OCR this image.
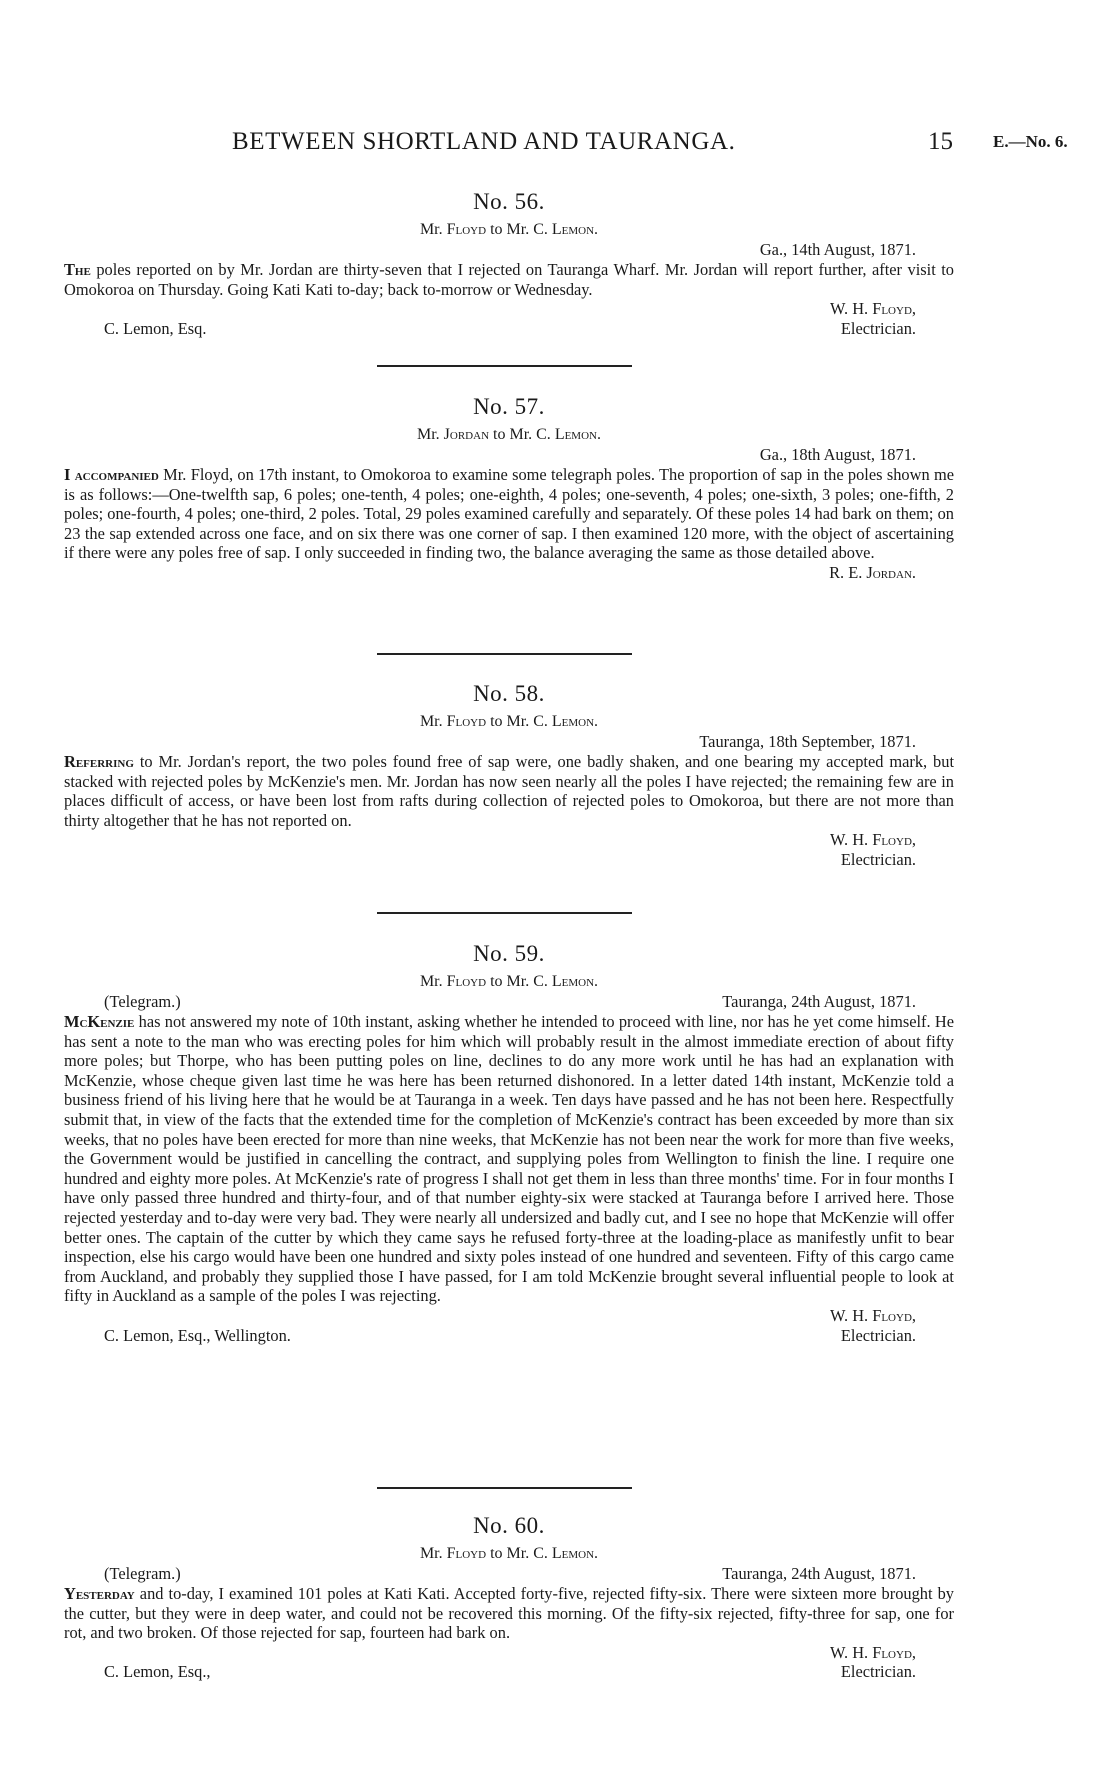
BETWEEN SHORTLAND AND TAURANGA.	15 E.—No. 6.
No. 56.
Mr. Floyd to Mr. C. Lemon.
Ga., 14th August, 1871.

The poles reported on by Mr. Jordan are thirty-seven that I rejected on Tauranga Wharf. Mr. Jordan will report further, after visit to Omokoroa on Thursday. Going Kati Kati to-day; back to-morrow or Wednesday.

W. H. Floyd,
Electrician.
C. Lemon, Esq.
No. 57.
Mr. Jordan to Mr. C. Lemon.
Ga., 18th August, 1871.

I accompanied Mr. Floyd, on 17th instant, to Omokoroa to examine some telegraph poles. The proportion of sap in the poles shown me is as follows:—One-twelfth sap, 6 poles; one-tenth, 4 poles; one-eighth, 4 poles; one-seventh, 4 poles; one-sixth, 3 poles; one-fifth, 2 poles; one-fourth, 4 poles; one-third, 2 poles. Total, 29 poles examined carefully and separately. Of these poles 14 had bark on them; on 23 the sap extended across one face, and on six there was one corner of sap. I then examined 120 more, with the object of ascertaining if there were any poles free of sap. I only succeeded in finding two, the balance averaging the same as those detailed above.

R. E. Jordan.
No. 58.
Mr. Floyd to Mr. C. Lemon.
Tauranga, 18th September, 1871.

Referring to Mr. Jordan's report, the two poles found free of sap were, one badly shaken, and one bearing my accepted mark, but stacked with rejected poles by McKenzie's men. Mr. Jordan has now seen nearly all the poles I have rejected; the remaining few are in places difficult of access, or have been lost from rafts during collection of rejected poles to Omokoroa, but there are not more than thirty altogether that he has not reported on.

W. H. Floyd,
Electrician.
No. 59.
Mr. Floyd to Mr. C. Lemon.
(Telegram.)	Tauranga, 24th August, 1871.

McKenzie has not answered my note of 10th instant, asking whether he intended to proceed with line, nor has he yet come himself. He has sent a note to the man who was erecting poles for him which will probably result in the almost immediate erection of about fifty more poles; but Thorpe, who has been putting poles on line, declines to do any more work until he has had an explanation with McKenzie, whose cheque given last time he was here has been returned dishonored. In a letter dated 14th instant, McKenzie told a business friend of his living here that he would be at Tauranga in a week. Ten days have passed and he has not been here. Respectfully submit that, in view of the facts that the extended time for the completion of McKenzie's contract has been exceeded by more than six weeks, that no poles have been erected for more than nine weeks, that McKenzie has not been near the work for more than five weeks, the Government would be justified in cancelling the contract, and supplying poles from Wellington to finish the line. I require one hundred and eighty more poles. At McKenzie's rate of progress I shall not get them in less than three months' time. For in four months I have only passed three hundred and thirty-four, and of that number eighty-six were stacked at Tauranga before I arrived here. Those rejected yesterday and to-day were very bad. They were nearly all undersized and badly cut, and I see no hope that McKenzie will offer better ones. The captain of the cutter by which they came says he refused forty-three at the loading-place as manifestly unfit to bear inspection, else his cargo would have been one hundred and sixty poles instead of one hundred and seventeen. Fifty of this cargo came from Auckland, and probably they supplied those I have passed, for I am told McKenzie brought several influential people to look at fifty in Auckland as a sample of the poles I was rejecting.

W. H. Floyd,
Electrician.
C. Lemon, Esq., Wellington.
No. 60.
Mr. Floyd to Mr. C. Lemon.
(Telegram.)	Tauranga, 24th August, 1871.

Yesterday and to-day, I examined 101 poles at Kati Kati. Accepted forty-five, rejected fifty-six. There were sixteen more brought by the cutter, but they were in deep water, and could not be recovered this morning. Of the fifty-six rejected, fifty-three for sap, one for rot, and two broken. Of those rejected for sap, fourteen had bark on.

W. H. Floyd,
Electrician.
C. Lemon, Esq.,
